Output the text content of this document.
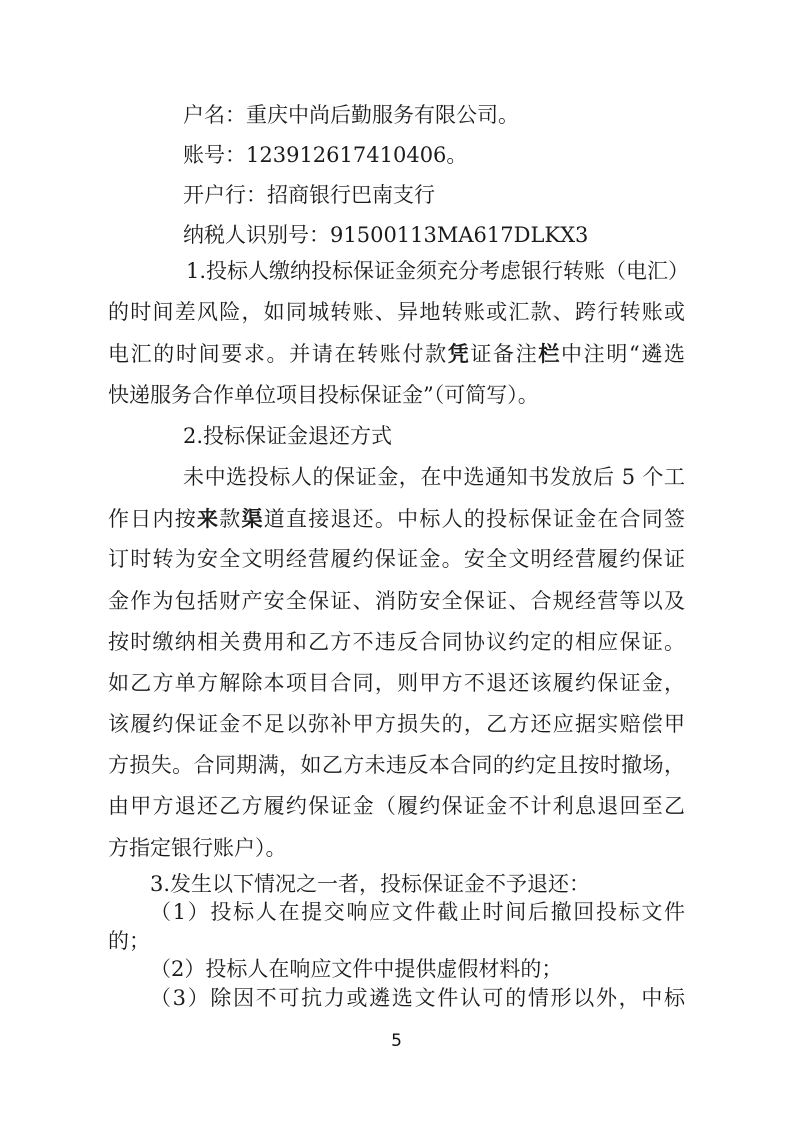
户名：重庆中尚后勤服务有限公司。
账号：123912617410406。
开户行：招商银行巴南支行
纳税人识别号：91500113MA617DLKX3
1.投标人缴纳投标保证金须充分考虑银行转账（电汇）
的时间差风险，如同城转账、异地转账或汇款、跨行转账或
电汇的时间要求。并请在转账付款凭证备注栏中注明“遴选
快递服务合作单位项目投标保证金”（可简写）。
2.投标保证金退还方式
未中选投标人的保证金，在中选通知书发放后 5 个工
作日内按来款渠道直接退还。中标人的投标保证金在合同签
订时转为安全文明经营履约保证金。安全文明经营履约保证
金作为包括财产安全保证、消防安全保证、合规经营等以及
按时缴纳相关费用和乙方不违反合同协议约定的相应保证。
如乙方单方解除本项目合同，则甲方不退还该履约保证金，
该履约保证金不足以弥补甲方损失的，乙方还应据实赔偿甲
方损失。合同期满，如乙方未违反本合同的约定且按时撤场，
由甲方退还乙方履约保证金（履约保证金不计利息退回至乙
方指定银行账户）。
3.发生以下情况之一者，投标保证金不予退还：
（1）投标人在提交响应文件截止时间后撤回投标文件
的；
（2）投标人在响应文件中提供虚假材料的；
（3）除因不可抗力或遴选文件认可的情形以外，中标
5
